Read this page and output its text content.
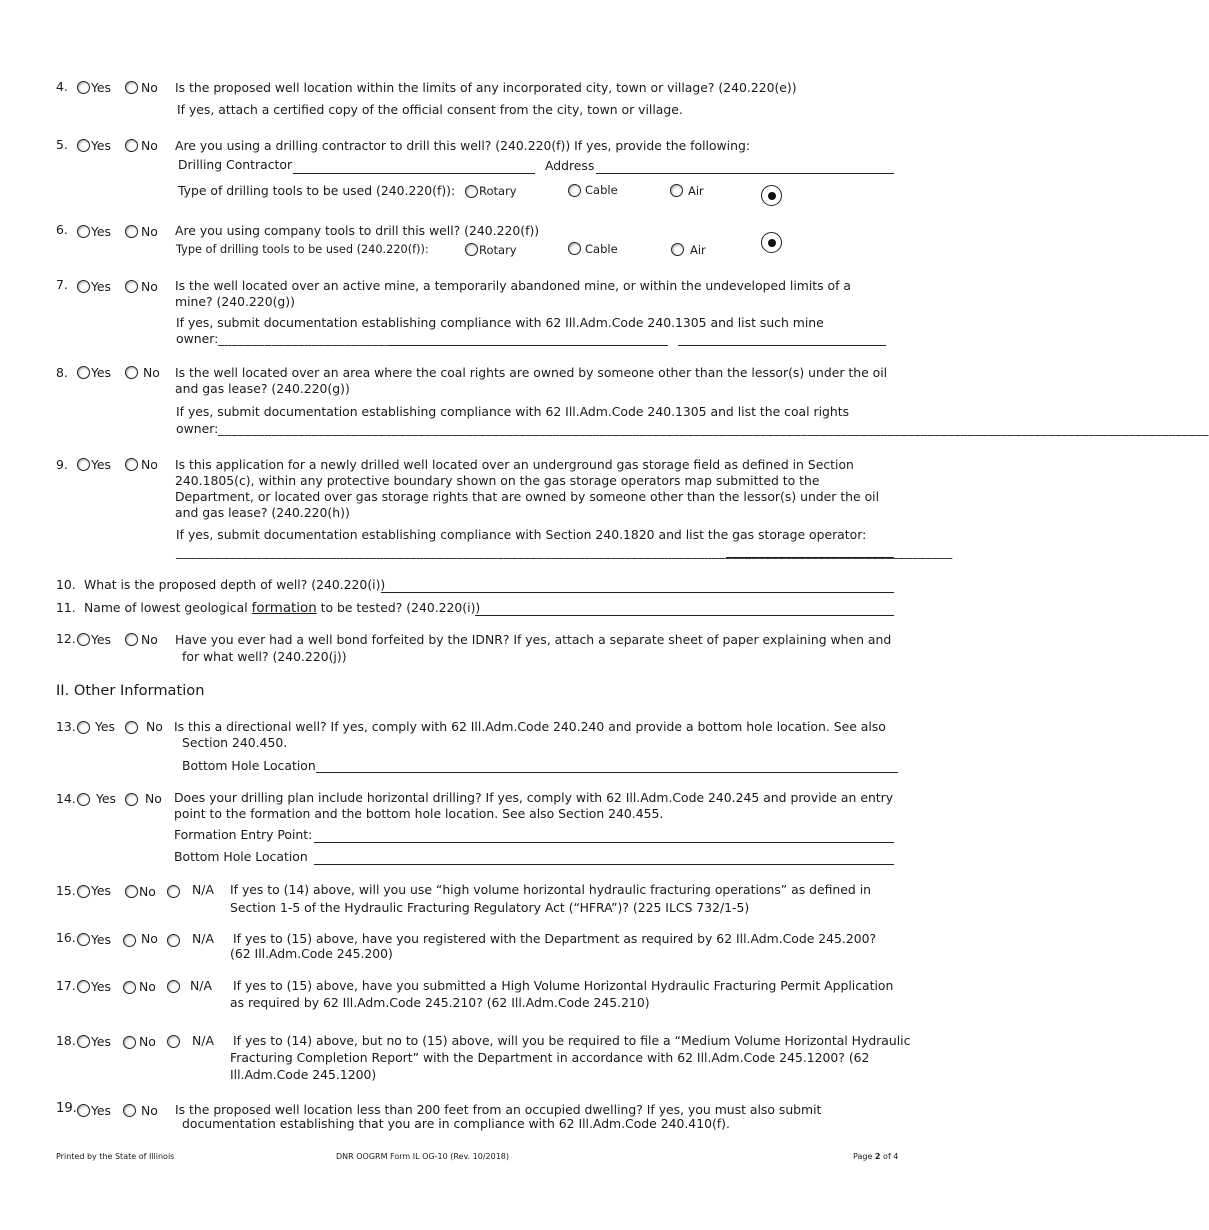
4. Yes No Is the proposed well location within the limits of any incorporated city, town or village? (240.220(e))
If yes, attach a certified copy of the official consent from the city, town or village.
5. Yes No Are you using a drilling contractor to drill this well? (240.220(f)) If yes, provide the following:
Drilling Contractor	Address
Type of drilling tools to be used (240.220(f)): Rotary	Cable	Air
6. Yes No Are you using company tools to drill this well? (240.220(f))
Type of drilling tools to be used (240.220(f)):	Rotary	Cable	Air
7. Yes No Is the well located over an active mine, a temporarily abandoned mine, or within the undeveloped limits of a mine? (240.220(g))
If yes, submit documentation establishing compliance with 62 Ill.Adm.Code 240.1305 and list such mine
owner: ___________________________________
8. Yes	No Is the well located over an area where the coal rights are owned by someone other than the lessor(s) under the oil and gas lease? (240.220(g))
If yes, submit documentation establishing compliance with 62 Ill.Adm.Code 240.1305 and list the coal rights
owner: ____________________________________________________________________________________________________________________________________________________
9. Yes No Is this application for a newly drilled well located over an underground gas storage field as defined in Section 240.1805(c), within any protective boundary shown on the gas storage operators map submitted to the Department, or located over gas storage rights that are owned by someone other than the lessor(s) under the oil and gas lease? (240.220(h))
If yes, submit documentation establishing compliance with Section 240.1820 and list the gas storage operator:
____________________________________________________________________________________________________________________
10. What is the proposed depth of well? (240.220(i))
11. Name of lowest geological formation to be tested? (240.220(i))
12. Yes No Have you ever had a well bond forfeited by the IDNR? If yes, attach a separate sheet of paper explaining when and
for what well? (240.220(j))
II. Other Information
13. Yes No Is this a directional well? If yes, comply with 62 Ill.Adm.Code 240.240 and provide a bottom hole location. See also
Section 240.450.
Bottom Hole Location
14. Yes No Does your drilling plan include horizontal drilling? If yes, comply with 62 Ill.Adm.Code 240.245 and provide an entry
point to the formation and the bottom hole location. See also Section 240.455.
Formation Entry Point:
Bottom Hole Location
15. Yes No	N/A If yes to (14) above, will you use “high volume horizontal hydraulic fracturing operations” as defined in
Section 1-5 of the Hydraulic Fracturing Regulatory Act (“HFRA”)? (225 ILCS 732/1-5)
16. Yes No	N/A If yes to (15) above, have you registered with the Department as required by 62 Ill.Adm.Code 245.200?
(62 Ill.Adm.Code 245.200)
17. Yes No	N/A If yes to (15) above, have you submitted a High Volume Horizontal Hydraulic Fracturing Permit Application
as required by 62 Ill.Adm.Code 245.210? (62 Ill.Adm.Code 245.210)
18. Yes No	N/A If yes to (14) above, but no to (15) above, will you be required to file a “Medium Volume Horizontal Hydraulic
Fracturing Completion Report” with the Department in accordance with 62 Ill.Adm.Code 245.1200? (62
Ill.Adm.Code 245.1200)
19. Yes No Is the proposed well location less than 200 feet from an occupied dwelling? If yes, you must also submit
documentation establishing that you are in compliance with 62 Ill.Adm.Code 240.410(f).
Printed by the State of Illinois	DNR OOGRM Form IL OG-10 (Rev. 10/2018)	Page 2 of 4
